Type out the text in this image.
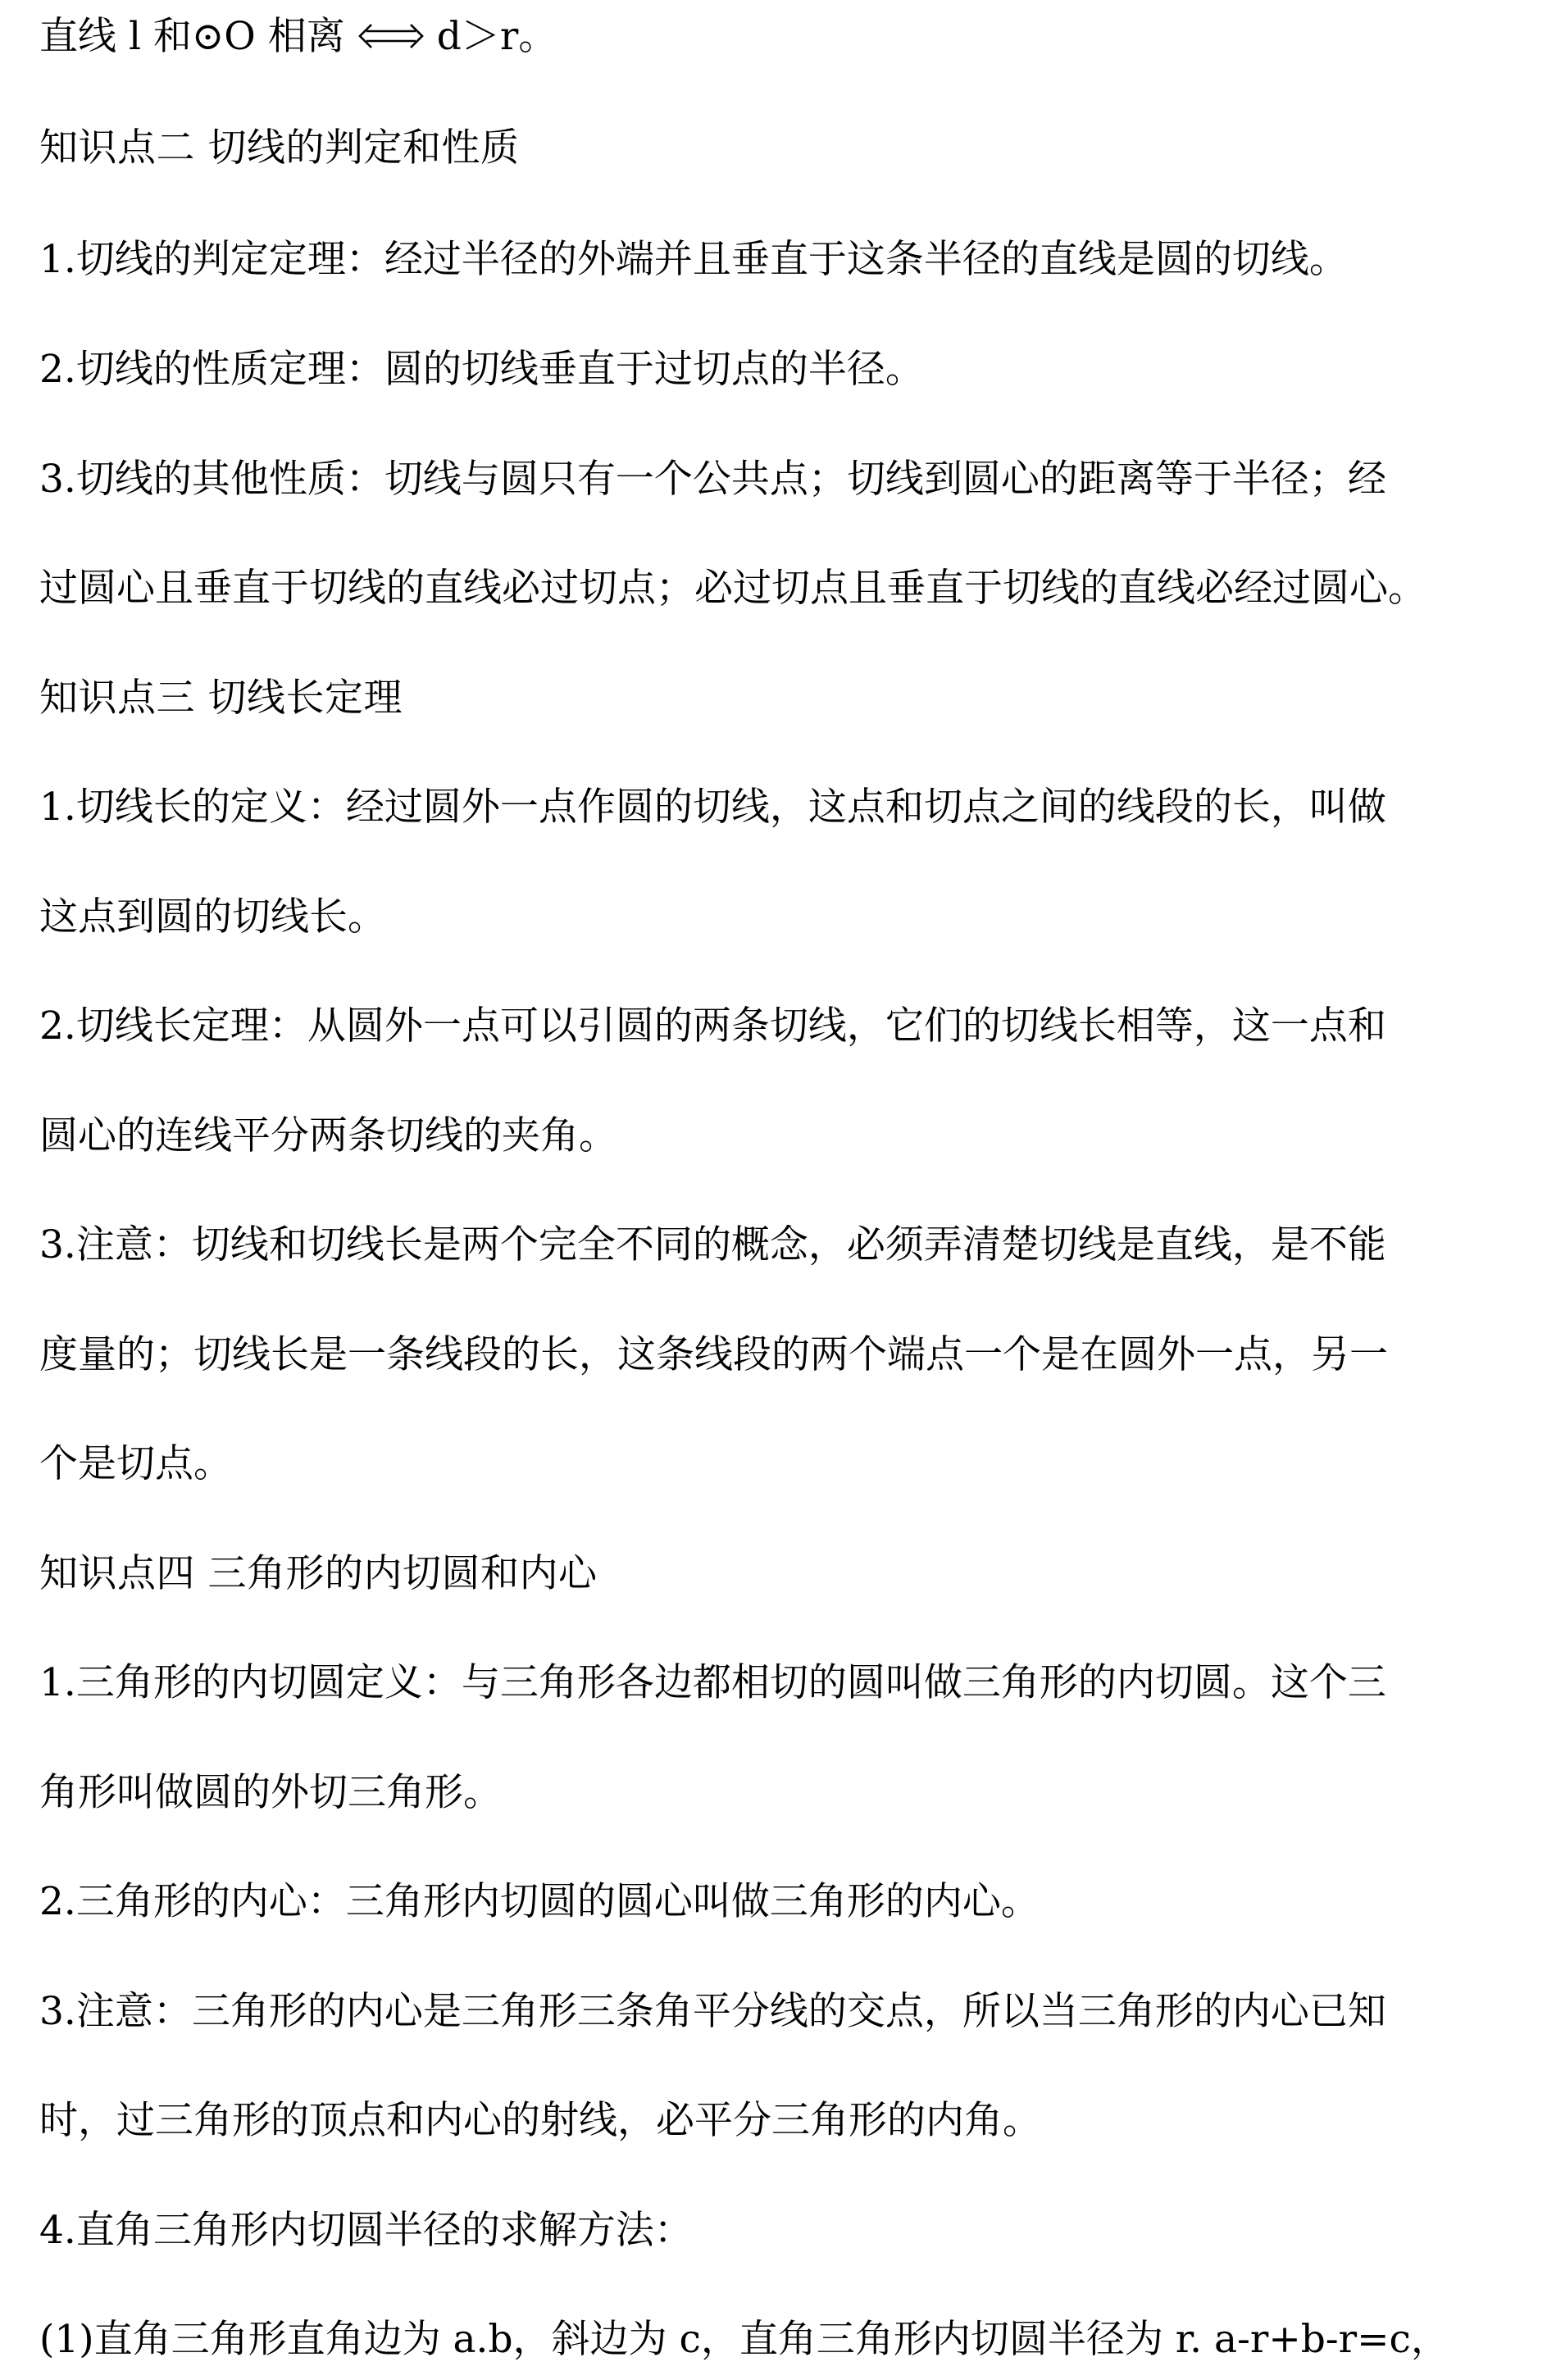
直线 l 和⊙O 相离 d＞r。
知识点二 切线的判定和性质
1.切线的判定定理：经过半径的外端并且垂直于这条半径的直线是圆的切线。
2.切线的性质定理：圆的切线垂直于过切点的半径。
3.切线的其他性质：切线与圆只有一个公共点；切线到圆心的距离等于半径；经
过圆心且垂直于切线的直线必过切点；必过切点且垂直于切线的直线必经过圆心。
知识点三 切线长定理
1.切线长的定义：经过圆外一点作圆的切线，这点和切点之间的线段的长，叫做
这点到圆的切线长。
2.切线长定理：从圆外一点可以引圆的两条切线，它们的切线长相等，这一点和
圆心的连线平分两条切线的夹角。
3.注意：切线和切线长是两个完全不同的概念，必须弄清楚切线是直线，是不能
度量的；切线长是一条线段的长，这条线段的两个端点一个是在圆外一点，另一
个是切点。
知识点四 三角形的内切圆和内心
1.三角形的内切圆定义：与三角形各边都相切的圆叫做三角形的内切圆。这个三
角形叫做圆的外切三角形。
2.三角形的内心：三角形内切圆的圆心叫做三角形的内心。
3.注意：三角形的内心是三角形三条角平分线的交点，所以当三角形的内心已知
时，过三角形的顶点和内心的射线，必平分三角形的内角。
4.直角三角形内切圆半径的求解方法：
(1)直角三角形直角边为 a.b，斜边为 c，直角三角形内切圆半径为 r. a-r+b-r=c，
